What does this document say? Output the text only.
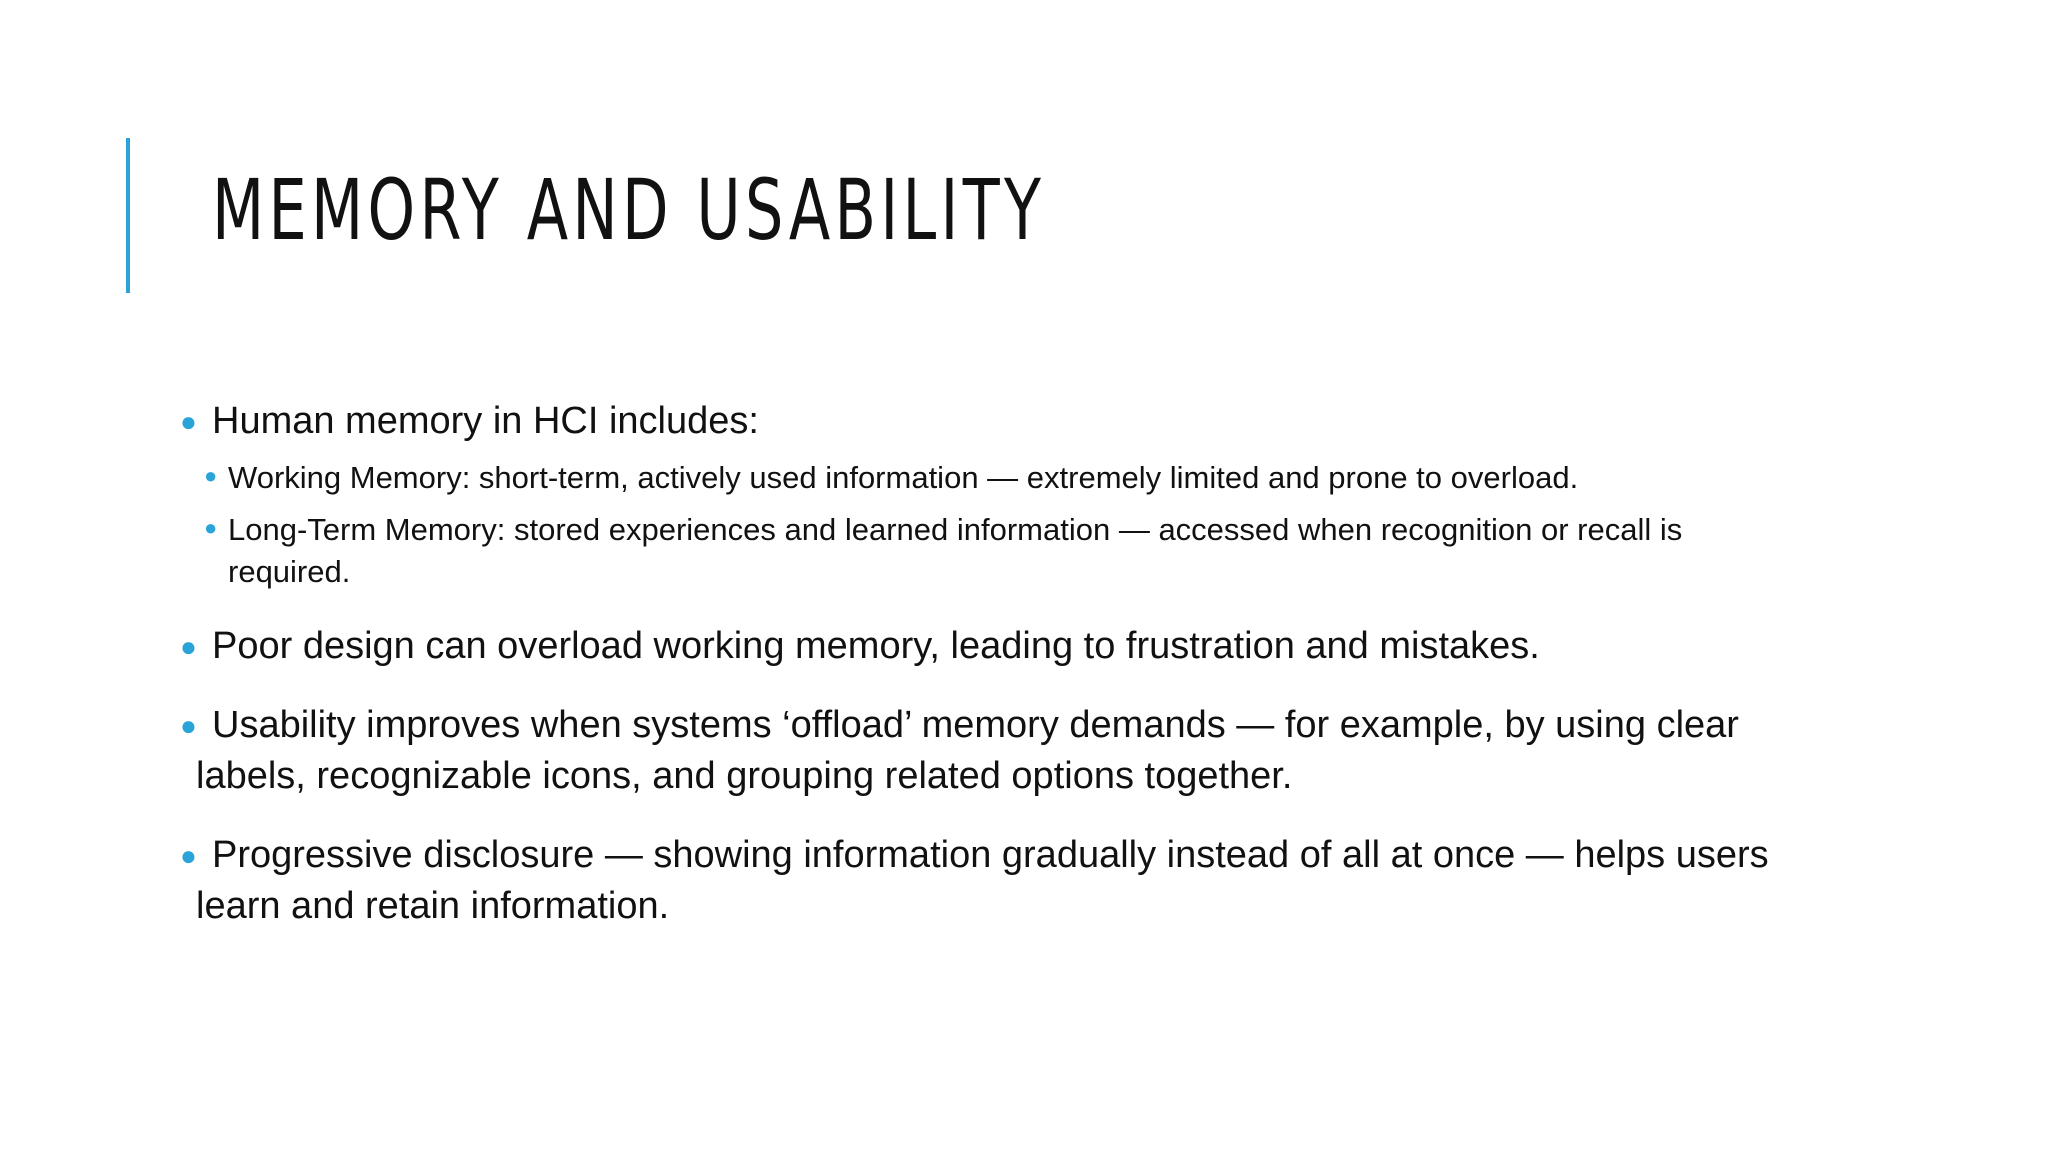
MEMORY AND USABILITY
● Human memory in HCI includes:
● Working Memory: short-term, actively used information — extremely limited and prone to overload.
● Long-Term Memory: stored experiences and learned information — accessed when recognition or recall is required.
● Poor design can overload working memory, leading to frustration and mistakes.
● Usability improves when systems ‘offload’ memory demands — for example, by using clear labels, recognizable icons, and grouping related options together.
● Progressive disclosure — showing information gradually instead of all at once — helps users learn and retain information.
